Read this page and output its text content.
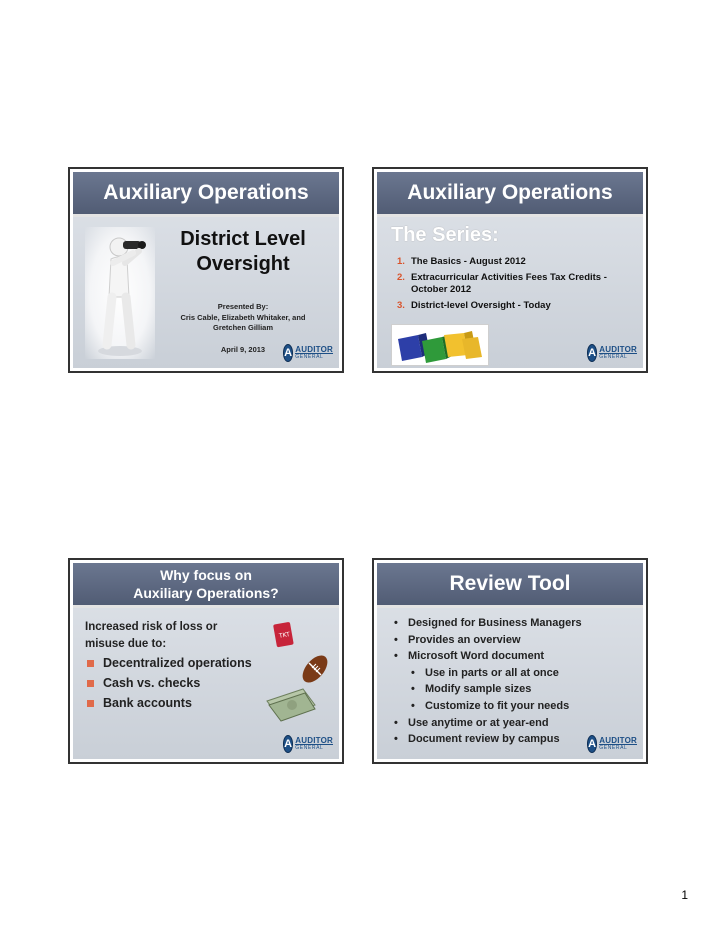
Auxiliary Operations
District Level
Oversight
Presented By:
Cris Cable, Elizabeth Whitaker, and
Gretchen Gilliam
April 9, 2013	A AUDITOR
GENERAL
Auxiliary Operations
The Series:
1. The Basics - August 2012
2. Extracurricular Activities Fees Tax Credits - October 2012
3. District-level Oversight - Today
A AUDITOR
GENERAL
Why focus on
Auxiliary Operations?
Increased risk of loss or
misuse due to:
Decentralized operations
Cash vs. checks
Bank accounts
TKT
A AUDITOR
GENERAL
Review Tool
• Designed for Business Managers
• Provides an overview
• Microsoft Word document
• Use in parts or all at once
• Modify sample sizes
• Customize to fit your needs
• Use anytime or at year-end
• Document review by campus	A AUDITOR
GENERAL
1
